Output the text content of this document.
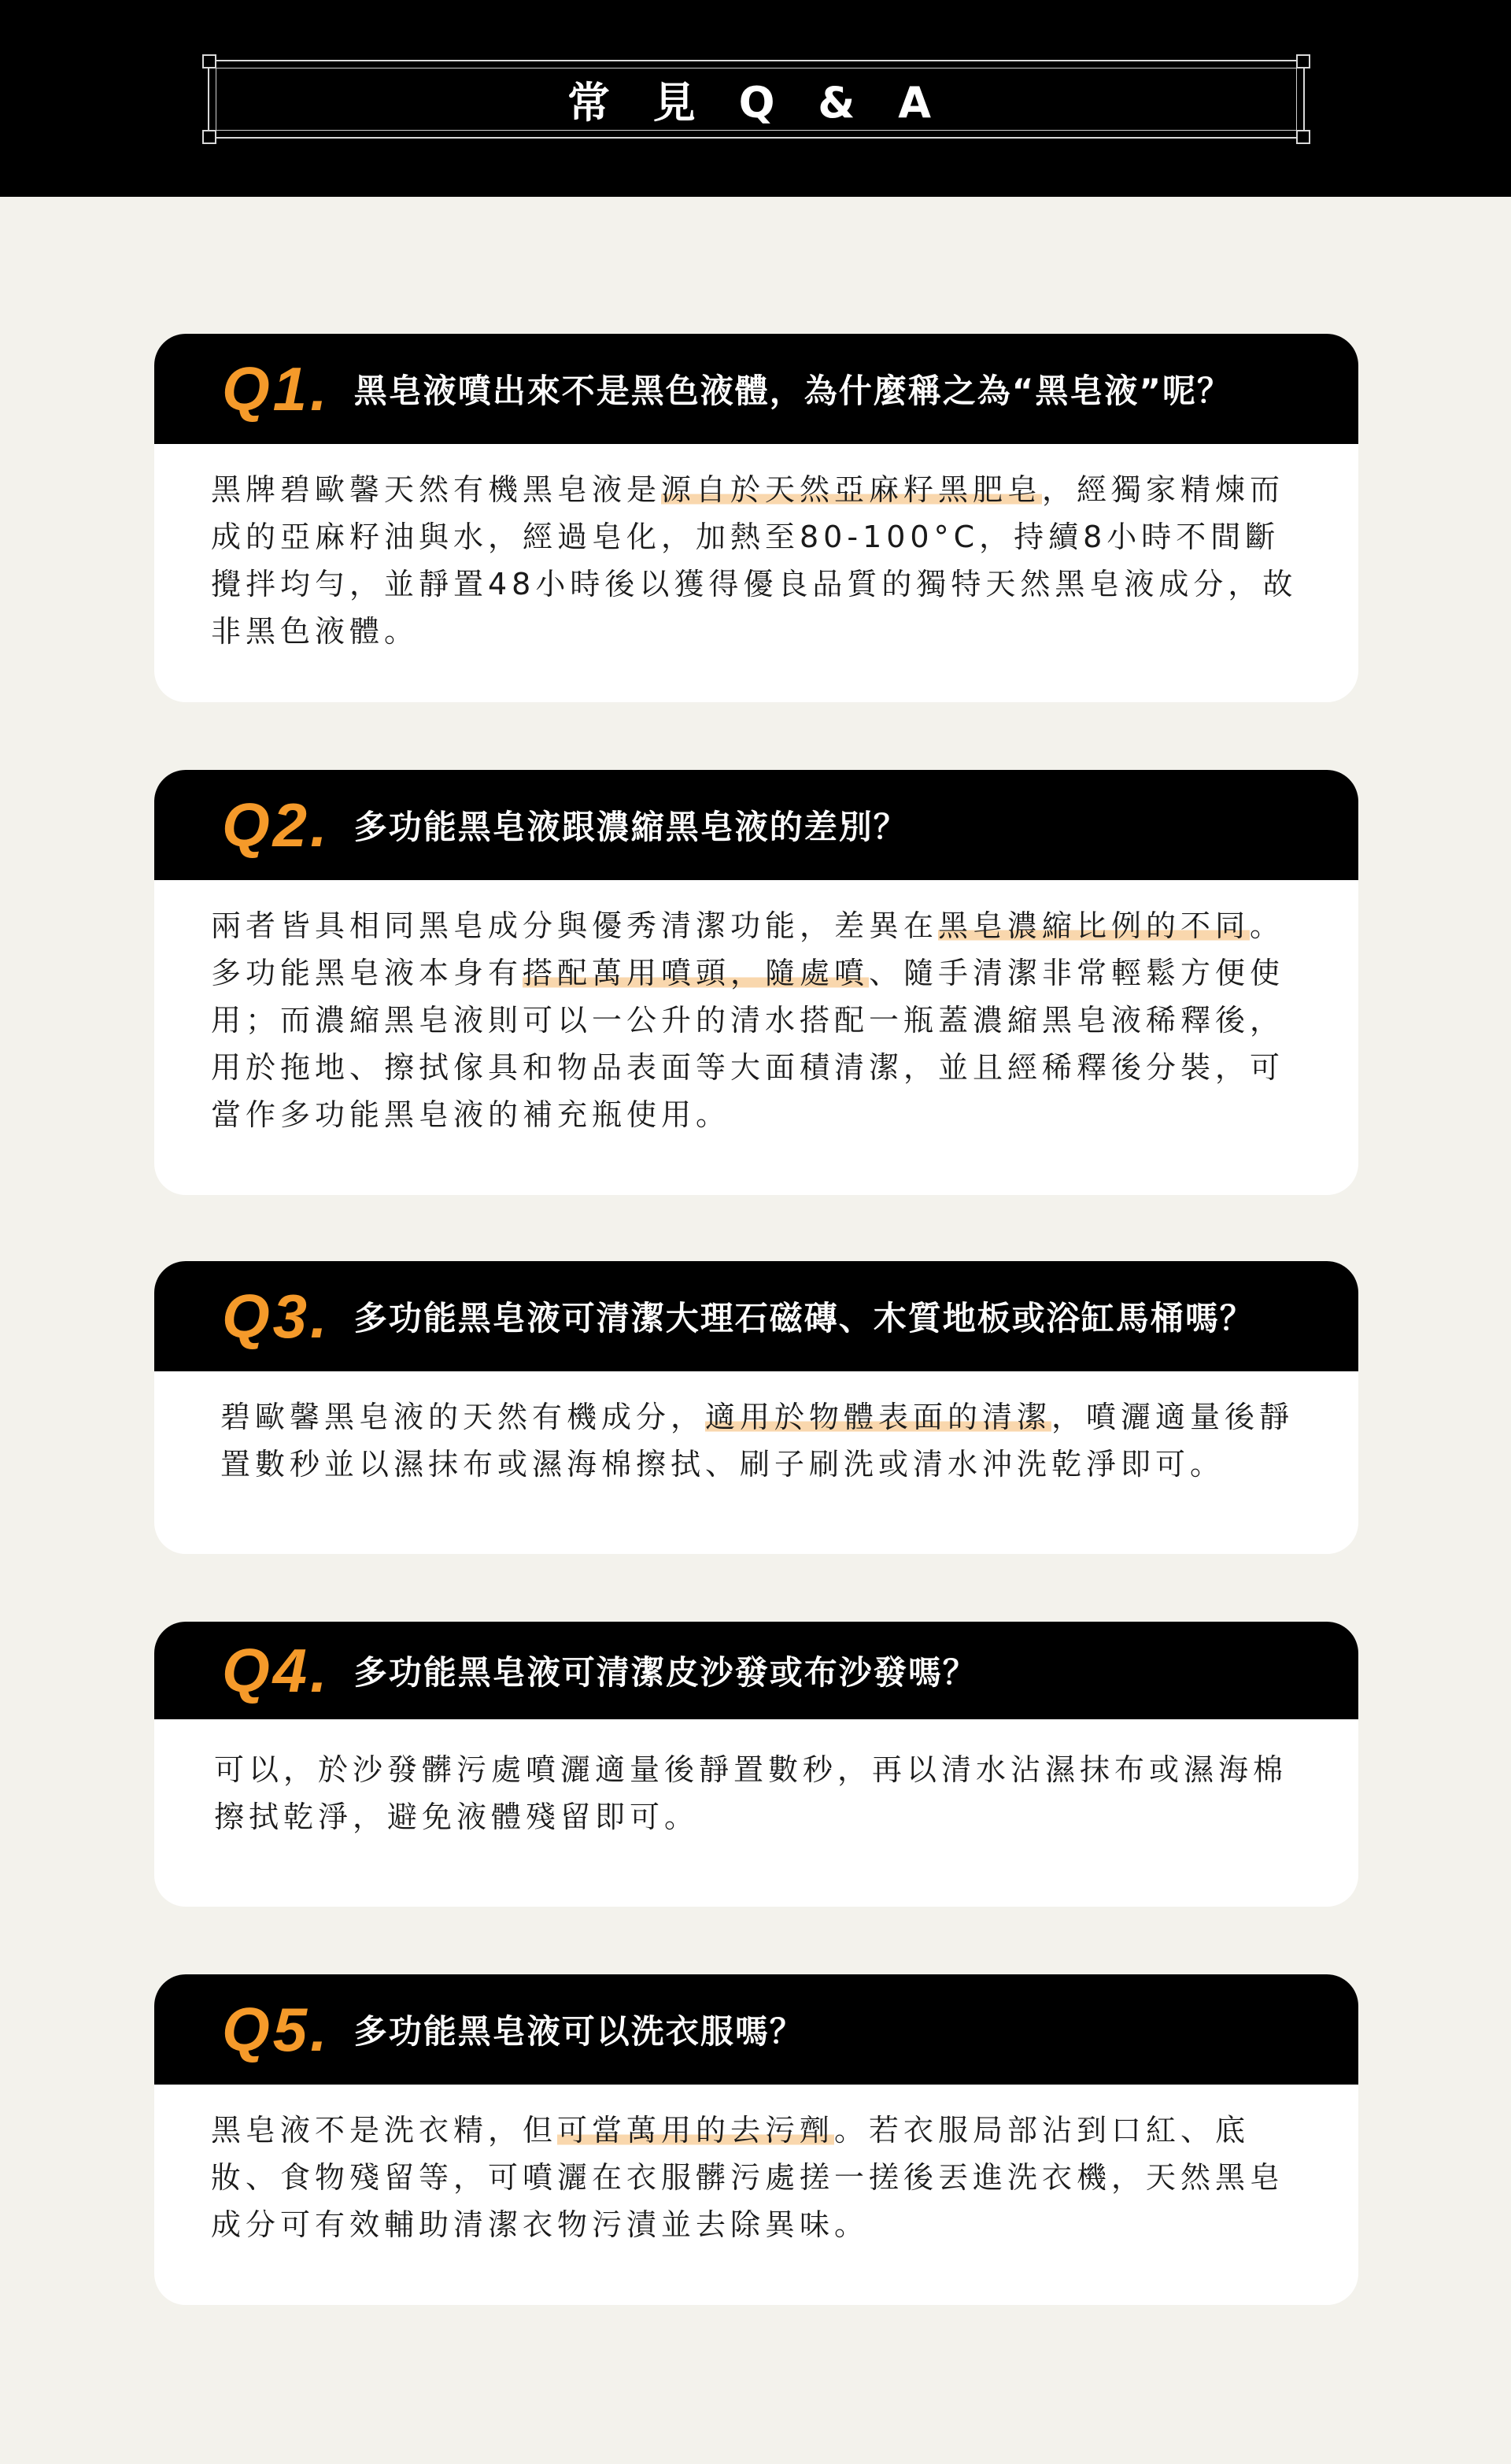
常 見 Q & A
Q1. 黑皂液噴出來不是黑色液體，為什麼稱之為“黑皂液”呢？
黑牌碧歐馨天然有機黑皂液是源自於天然亞麻籽黑肥皂，經獨家精煉而成的亞麻籽油與水，經過皂化，加熱至80-100°C，持續8小時不間斷攪拌均勻，並靜置48小時後以獲得優良品質的獨特天然黑皂液成分，故非黑色液體。
Q2. 多功能黑皂液跟濃縮黑皂液的差別？
兩者皆具相同黑皂成分與優秀清潔功能，差異在黑皂濃縮比例的不同。多功能黑皂液本身有搭配萬用噴頭，隨處噴、隨手清潔非常輕鬆方便使用；而濃縮黑皂液則可以一公升的清水搭配一瓶蓋濃縮黑皂液稀釋後，用於拖地、擦拭傢具和物品表面等大面積清潔，並且經稀釋後分裝，可當作多功能黑皂液的補充瓶使用。
Q3. 多功能黑皂液可清潔大理石磁磚、木質地板或浴缸馬桶嗎？
碧歐馨黑皂液的天然有機成分，適用於物體表面的清潔，噴灑適量後靜置數秒並以濕抹布或濕海棉擦拭、刷子刷洗或清水沖洗乾淨即可。
Q4. 多功能黑皂液可清潔皮沙發或布沙發嗎？
可以，於沙發髒污處噴灑適量後靜置數秒，再以清水沾濕抹布或濕海棉擦拭乾淨，避免液體殘留即可。
Q5. 多功能黑皂液可以洗衣服嗎？
黑皂液不是洗衣精，但可當萬用的去污劑。若衣服局部沾到口紅、底妝、食物殘留等，可噴灑在衣服髒污處搓一搓後丟進洗衣機，天然黑皂成分可有效輔助清潔衣物污漬並去除異味。
